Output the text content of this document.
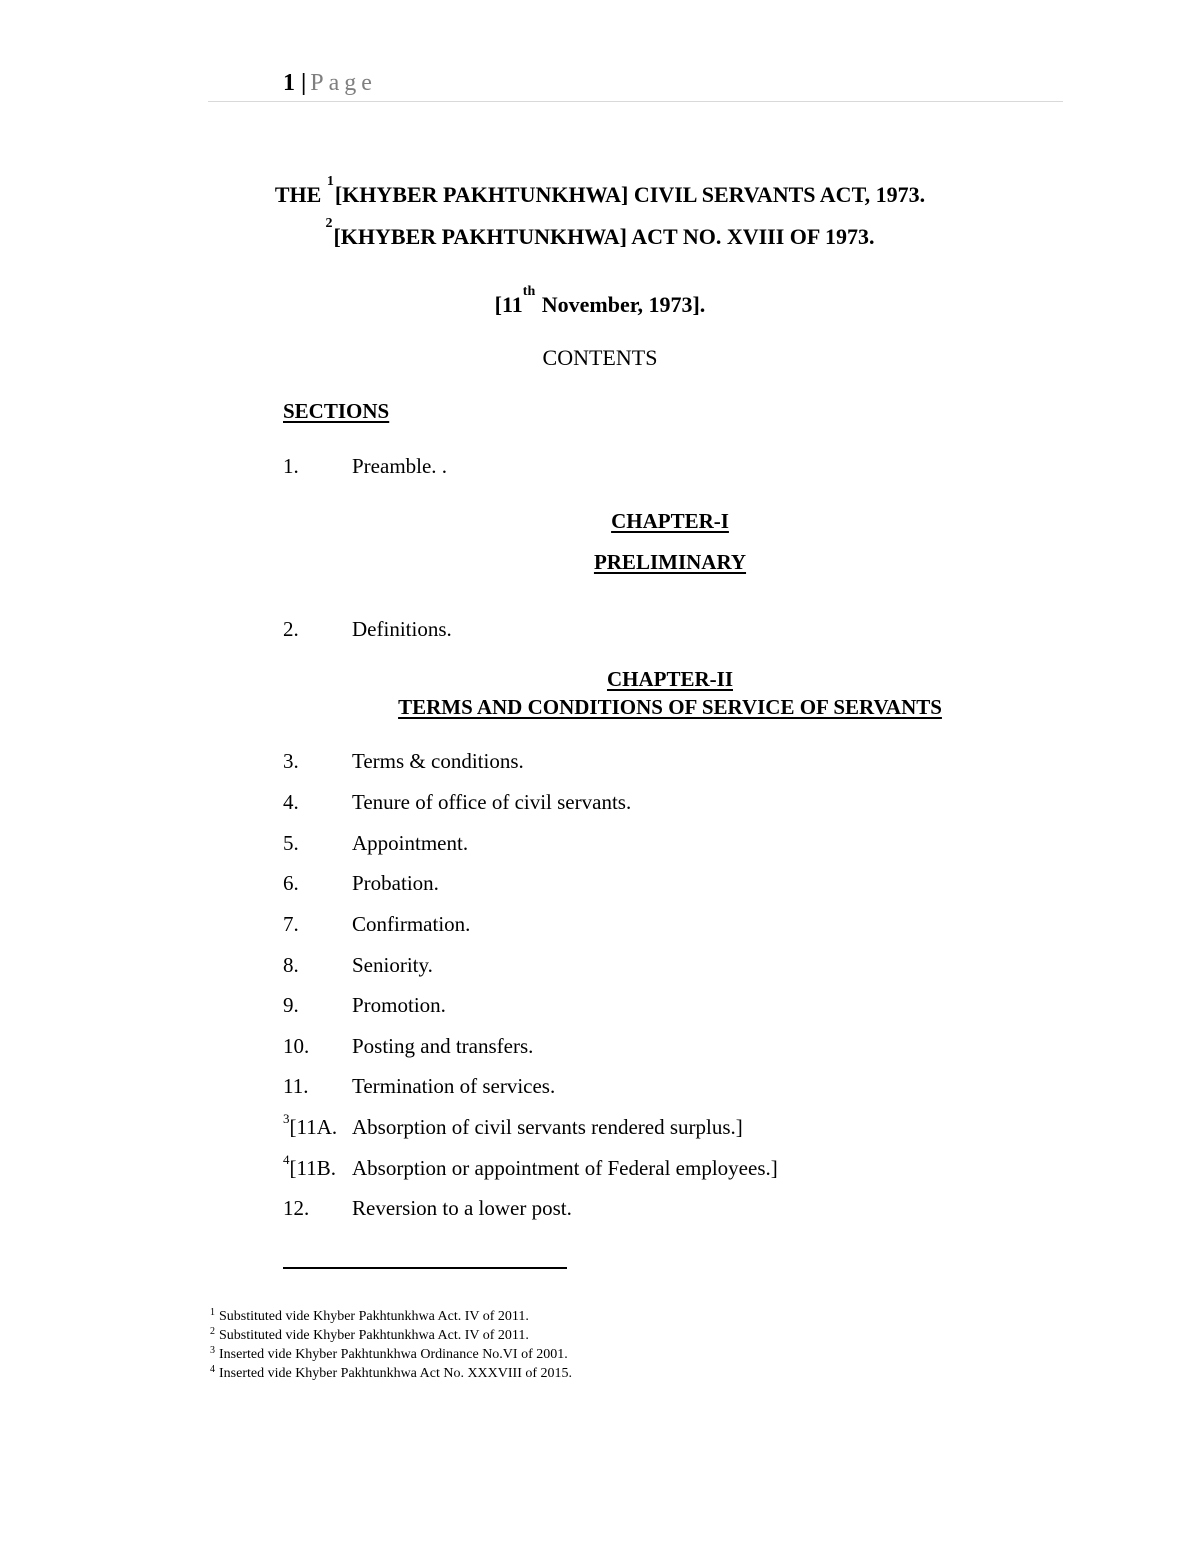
1 | Page
THE $^1$[KHYBER PAKHTUNKHWA] CIVIL SERVANTS ACT, 1973.
$^2$[KHYBER PAKHTUNKHWA] ACT NO. XVIII OF 1973.
[11th November, 1973].
CONTENTS
SECTIONS
1.	Preamble. .
CHAPTER-I
PRELIMINARY
2.	Definitions.
CHAPTER-II
TERMS AND CONDITIONS OF SERVICE OF SERVANTS
3.	Terms & conditions.
4.	Tenure of office of civil servants.
5.	Appointment.
6.	Probation.
7.	Confirmation.
8.	Seniority.
9.	Promotion.
10. Posting and transfers.
11. Termination of services.
$^3$[11A. Absorption of civil servants rendered surplus.]
$^4$[11B. Absorption or appointment of Federal employees.]
12. Reversion to a lower post.
$^1$ Substituted vide Khyber Pakhtunkhwa Act. IV of 2011.
$^2$ Substituted vide Khyber Pakhtunkhwa Act. IV of 2011.
$^3$ Inserted vide Khyber Pakhtunkhwa Ordinance No.VI of 2001.
$^4$ Inserted vide Khyber Pakhtunkhwa Act No. XXXVIII of 2015.
